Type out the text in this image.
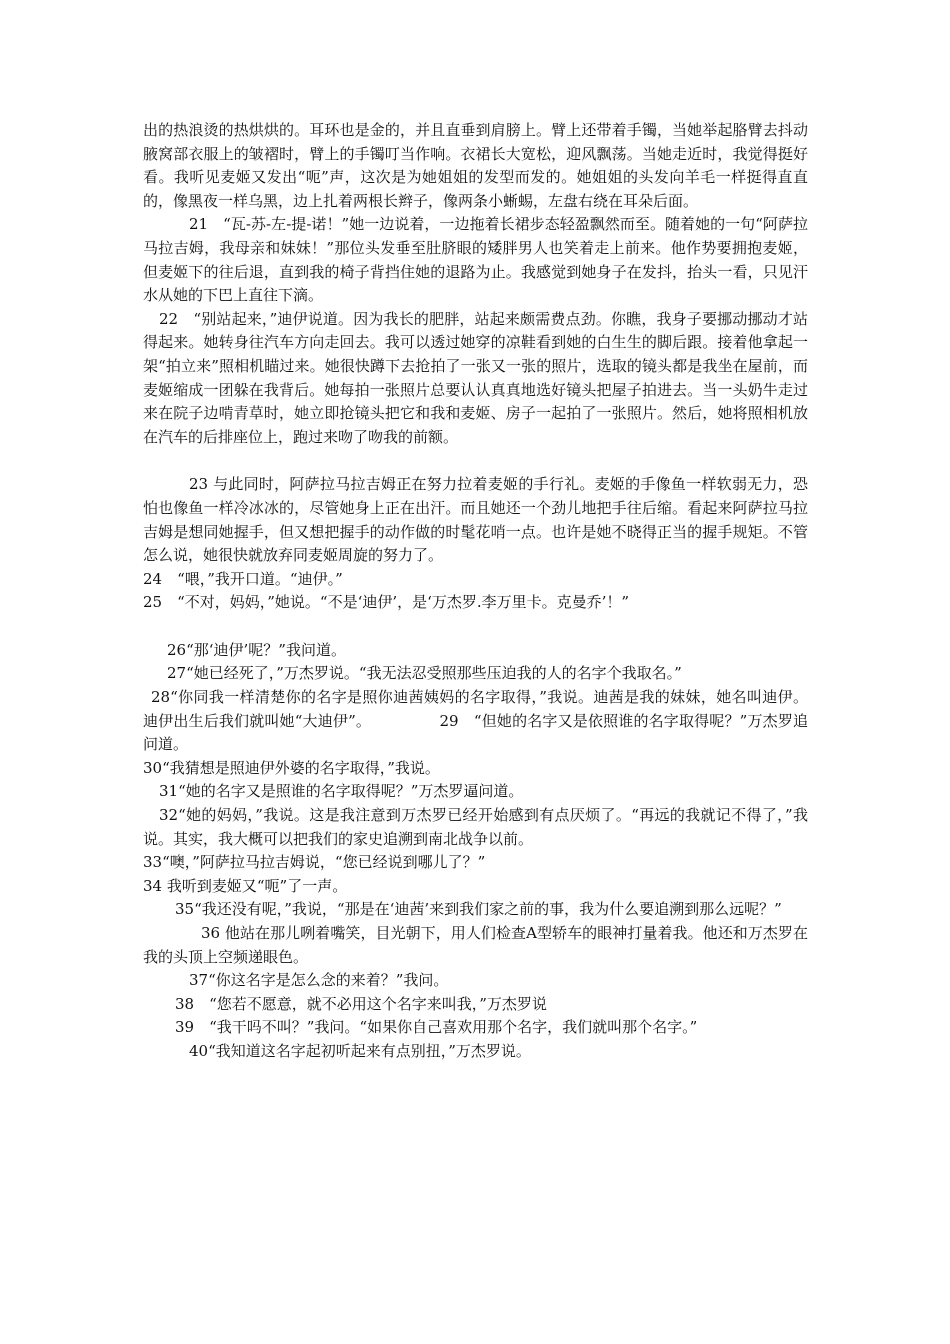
出的热浪烫的热烘烘的。耳环也是金的，并且直垂到肩膀上。臂上还带着手镯，当她举起胳臂去抖动腋窝部衣服上的皱褶时，臂上的手镯叮当作响。衣裙长大宽松，迎风飘荡。当她走近时，我觉得挺好看。我听见麦姬又发出“呃”声，这次是为她姐姐的发型而发的。她姐姐的头发向羊毛一样挺得直直的，像黑夜一样乌黑，边上扎着两根长辫子，像两条小蜥蜴，左盘右绕在耳朵后面。

21　“瓦-苏-左-提-诺！”她一边说着，一边拖着长裙步态轻盈飘然而至。随着她的一句“阿萨拉马拉吉姆，我母亲和妹妹！”那位头发垂至肚脐眼的矮胖男人也笑着走上前来。他作势要拥抱麦姬，但麦姬下的往后退，直到我的椅子背挡住她的退路为止。我感觉到她身子在发抖，抬头一看，只见汗水从她的下巴上直往下滴。

22　“别站起来，”迪伊说道。因为我长的肥胖，站起来颇需费点劲。你瞧，我身子要挪动挪动才站得起来。她转身往汽车方向走回去。我可以透过她穿的凉鞋看到她的白生生的脚后跟。接着他拿起一架“拍立来”照相机瞄过来。她很快蹲下去抢拍了一张又一张的照片，选取的镜头都是我坐在屋前，而麦姬缩成一团躲在我背后。她每拍一张照片总要认认真真地选好镜头把屋子拍进去。当一头奶牛走过来在院子边啃青草时，她立即抢镜头把它和我和麦姬、房子一起拍了一张照片。然后，她将照相机放在汽车的后排座位上，跑过来吻了吻我的前额。

23 与此同时，阿萨拉马拉吉姆正在努力拉着麦姬的手行礼。麦姬的手像鱼一样软弱无力，恐怕也像鱼一样冷冰冰的，尽管她身上正在出汗。而且她还一个劲儿地把手往后缩。看起来阿萨拉马拉吉姆是想同她握手，但又想把握手的动作做的时髦花哨一点。也许是她不晓得正当的握手规矩。不管怎么说，她很快就放弃同麦姬周旋的努力了。

24　“喂，”我开口道。“迪伊。”

25　“不对，妈妈，”她说。“不是‘迪伊’，是‘万杰罗.李万里卡。克曼乔’！”

26“那‘迪伊’呢？”我问道。

27“她已经死了，”万杰罗说。“我无法忍受照那些压迫我的人的名字个我取名。”

28“你同我一样清楚你的名字是照你迪茜姨妈的名字取得，”我说。迪茜是我的妹妹，她名叫迪伊。 迪伊出生后我们就叫她“大迪伊”。　　　　　29　“但她的名字又是依照谁的名字取得呢？”万杰罗追问道。

30“我猜想是照迪伊外婆的名字取得，”我说。

31“她的名字又是照谁的名字取得呢？”万杰罗逼问道。

32“她的妈妈，”我说。这是我注意到万杰罗已经开始感到有点厌烦了。“再远的我就记不得了，”我说。其实，我大概可以把我们的家史追溯到南北战争以前。

33“噢，”阿萨拉马拉吉姆说，“您已经说到哪儿了？”

34 我听到麦姬又“呃”了一声。

35“我还没有呢，”我说，“那是在‘迪茜’来到我们家之前的事，我为什么要追溯到那么远呢？”

36 他站在那儿咧着嘴笑，目光朝下，用人们检查A型轿车的眼神打量着我。他还和万杰罗在我的头顶上空频递眼色。

37“你这名字是怎么念的来着？”我问。

38　“您若不愿意，就不必用这个名字来叫我，”万杰罗说

39　“我干吗不叫？”我问。“如果你自己喜欢用那个名字，我们就叫那个名字。”

40“我知道这名字起初听起来有点别扭，”万杰罗说。
